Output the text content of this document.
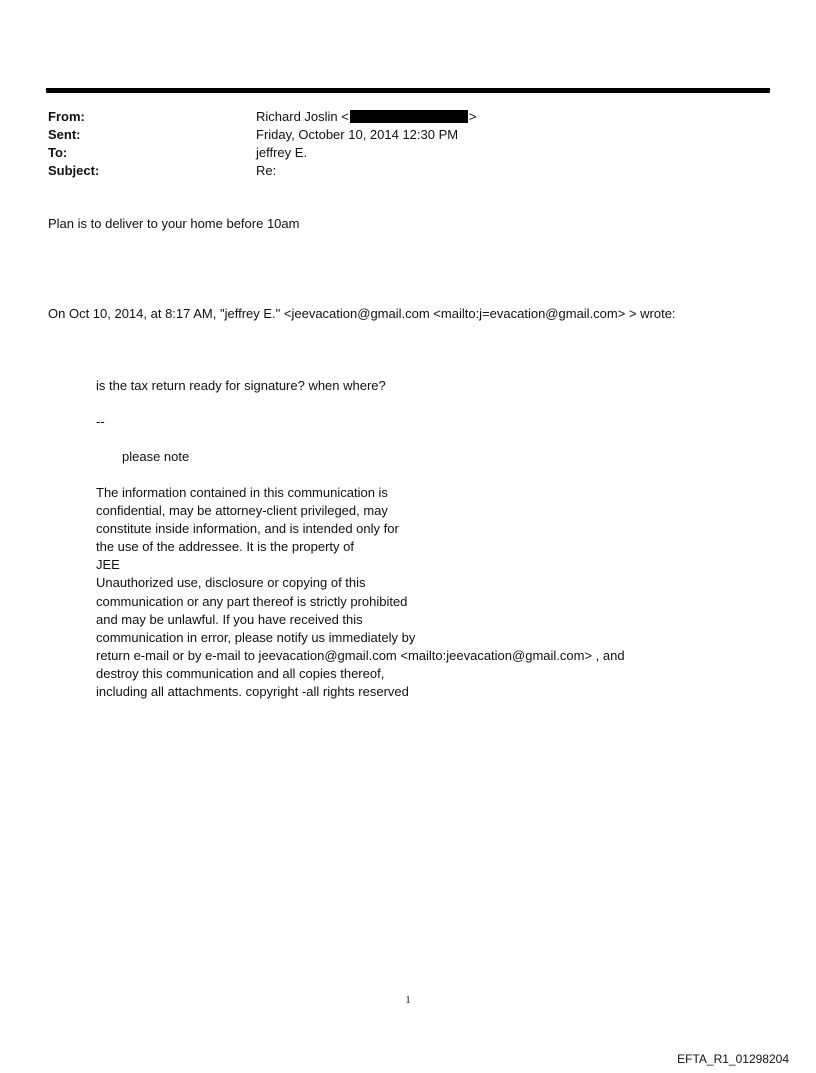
From:	Richard Joslin <	>
Sent:	Friday, October 10, 2014 12:30 PM
To:	jeffrey E.
Subject:	Re:
Plan is to deliver to your home before 10am
On Oct 10, 2014, at 8:17 AM, "jeffrey E." <jeevacation@gmail.com <mailto:j=evacation@gmail.com> > wrote:
is the tax return ready for signature? when where?
--
please note
The information contained in this communication is
confidential, may be attorney-client privileged, may
constitute inside information, and is intended only for
the use of the addressee. It is the property of
JEE
Unauthorized use, disclosure or copying of this
communication or any part thereof is strictly prohibited
and may be unlawful. If you have received this
communication in error, please notify us immediately by
return e-mail or by e-mail to jeevacation@gmail.com <mailto:jeevacation@gmail.com> , and
destroy this communication and all copies thereof,
including all attachments. copyright -all rights reserved
1
EFTA_R1_01298204
